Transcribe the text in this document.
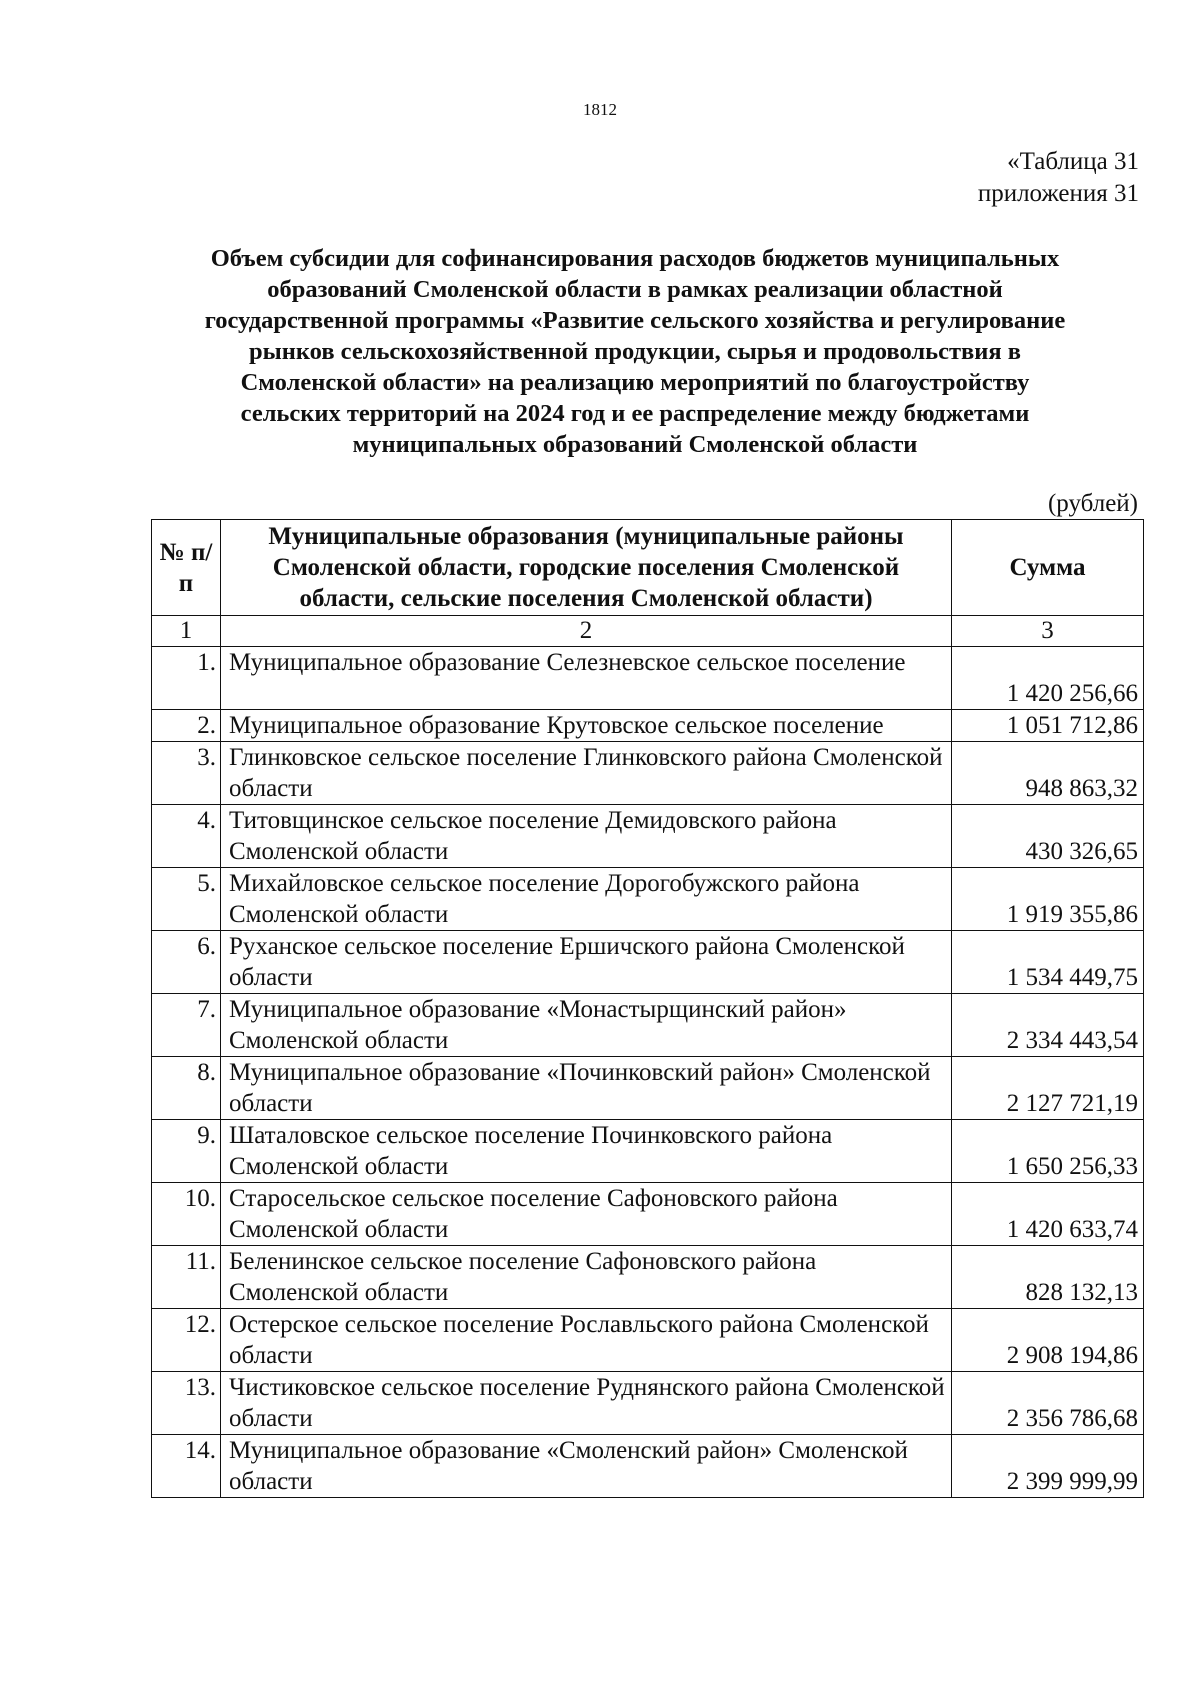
1812
«Таблица 31
приложения 31
Объем субсидии для софинансирования расходов бюджетов муниципальных
образований Смоленской области в рамках реализации областной
государственной программы «Развитие сельского хозяйства и регулирование
рынков сельскохозяйственной продукции, сырья и продовольствия в
Смоленской области» на реализацию мероприятий по благоустройству
сельских территорий на 2024 год и ее распределение между бюджетами
муниципальных образований Смоленской области
(рублей)
№ п/п	Муниципальные образования (муниципальные районы Смоленской области, городские поселения Смоленской области, сельские поселения Смоленской области)	Сумма
1	2	3
1.	Муниципальное образование Селезневское сельское поселение	1 420 256,66
2.	Муниципальное образование Крутовское сельское поселение	1 051 712,86
3.	Глинковское сельское поселение Глинковского района Смоленской области	948 863,32
4.	Титовщинское сельское поселение Демидовского района Смоленской области	430 326,65
5.	Михайловское сельское поселение Дорогобужского района Смоленской области	1 919 355,86
6.	Руханское сельское поселение Ершичского района Смоленской области	1 534 449,75
7.	Муниципальное образование «Монастырщинский район» Смоленской области	2 334 443,54
8.	Муниципальное образование «Починковский район» Смоленской области	2 127 721,19
9.	Шаталовское сельское поселение Починковского района Смоленской области	1 650 256,33
10.	Старосельское сельское поселение Сафоновского района Смоленской области	1 420 633,74
11.	Беленинское сельское поселение Сафоновского района Смоленской области	828 132,13
12.	Остерское сельское поселение Рославльского района Смоленской области	2 908 194,86
13.	Чистиковское сельское поселение Руднянского района Смоленской области	2 356 786,68
14.	Муниципальное образование «Смоленский район» Смоленской области	2 399 999,99
